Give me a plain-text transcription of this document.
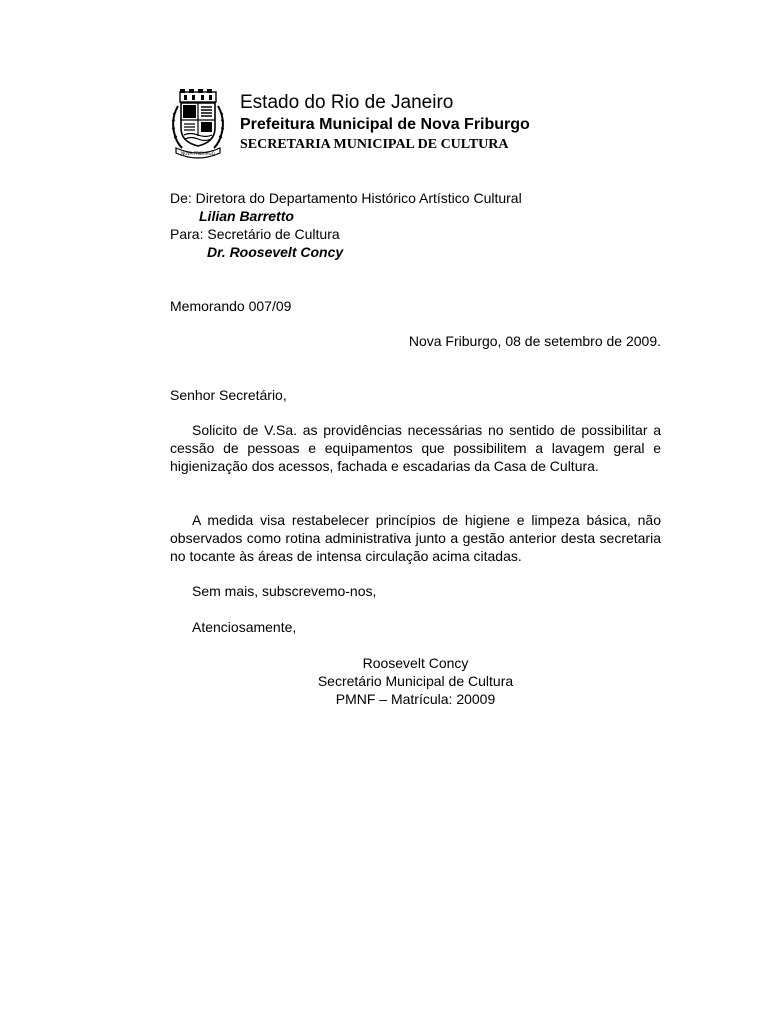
NOVA FRIBURGO
Estado do Rio de Janeiro
Prefeitura Municipal de Nova Friburgo
SECRETARIA MUNICIPAL DE CULTURA
De: Diretora do Departamento Histórico Artístico Cultural
Lilian Barretto
Para: Secretário de Cultura
Dr. Roosevelt Concy
Memorando 007/09
Nova Friburgo, 08 de setembro de 2009.
Senhor Secretário,
Solicito de V.Sa. as providências necessárias no sentido de possibilitar a cessão de pessoas e equipamentos que possibilitem a lavagem geral e higienização dos acessos, fachada e escadarias da Casa de Cultura.
A medida visa restabelecer princípios de higiene e limpeza básica, não observados como rotina administrativa junto a gestão anterior desta secretaria no tocante às áreas de intensa circulação acima citadas.
Sem mais, subscrevemo-nos,
Atenciosamente,
Roosevelt Concy
Secretário Municipal de Cultura
PMNF – Matrícula: 20009
